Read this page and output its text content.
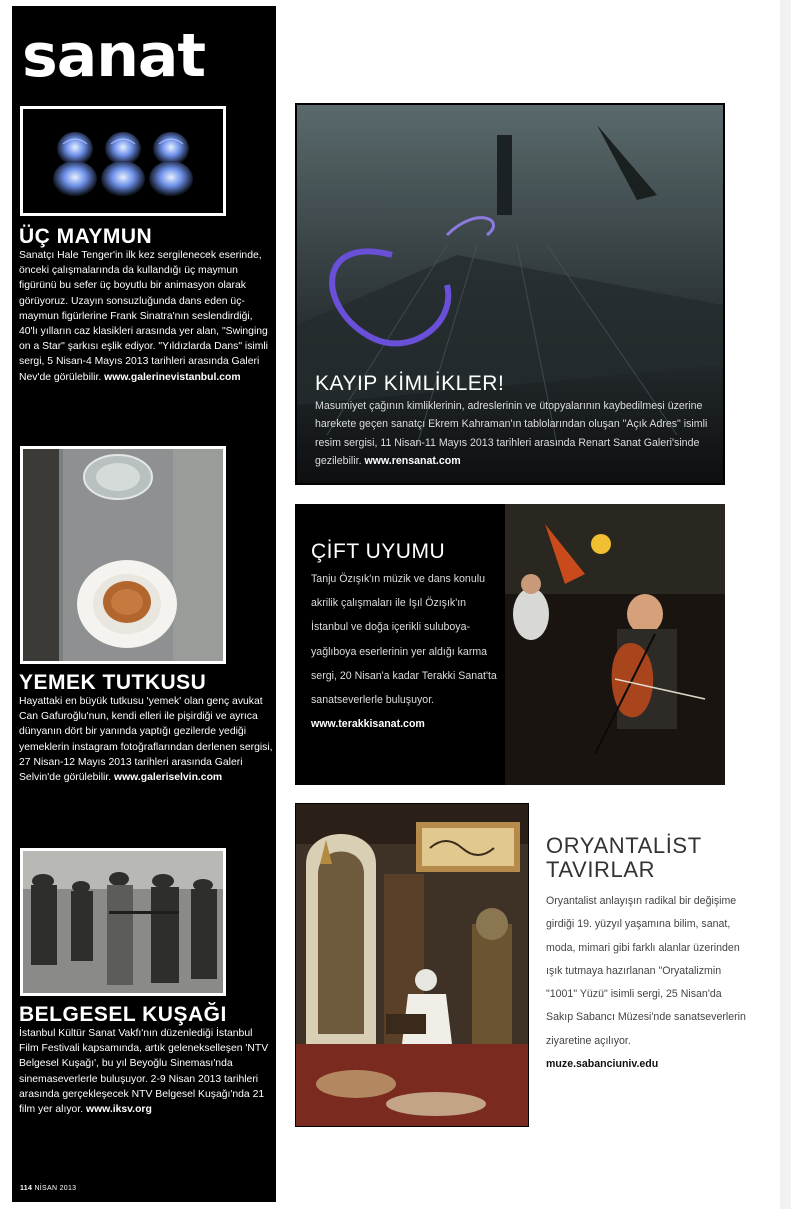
sanat
ÜÇ MAYMUN

Sanatçı Hale Tenger'in ilk kez sergilenecek eserinde, önceki çalışmalarında da kullandığı üç maymun figürünü bu sefer üç boyutlu bir animasyon olarak görüyoruz. Uzayın sonsuzluğunda dans eden üç-maymun figürlerine Frank Sinatra'nın seslendirdiği, 40'lı yılların caz klasikleri arasında yer alan, "Swinging on a Star" şarkısı eşlik ediyor. "Yıldızlarda Dans" isimli sergi, 5 Nisan-4 Mayıs 2013 tarihleri arasında Galeri Nev'de görülebilir. www.galerinevistanbul.com

YEMEK TUTKUSU

Hayattaki en büyük tutkusu 'yemek' olan genç avukat Can Gafuroğlu'nun, kendi elleri ile pişirdiği ve ayrıca dünyanın dört bir yanında yaptığı gezilerde yediği yemeklerin instagram fotoğraflarından derlenen sergisi, 27 Nisan-12 Mayıs 2013 tarihleri arasında Galeri Selvin'de görülebilir. www.galeriselvin.com

BELGESEL KUŞAĞI

İstanbul Kültür Sanat Vakfı'nın düzenlediği İstanbul Film Festivali kapsamında, artık gelenekselleşen 'NTV Belgesel Kuşağı', bu yıl Beyoğlu Sineması'nda sinemaseverlerle buluşuyor. 2-9 Nisan 2013 tarihleri arasında gerçekleşecek NTV Belgesel Kuşağı'nda 21 film yer alıyor. www.iksv.org

114 NİSAN 2013
KAYIP KİMLİKLER!

Masumiyet çağının kimliklerinin, adreslerinin ve ütopyalarının kaybedilmesi üzerine harekete geçen sanatçı Ekrem Kahraman'ın tablolarından oluşan "Açık Adres" isimli resim sergisi, 11 Nisan-11 Mayıs 2013 tarihleri arasında Renart Sanat Galeri'sinde gezilebilir. www.rensanat.com

ÇİFT UYUMU

Tanju Özışık'ın müzik ve dans konulu akrilik çalışmaları ile Işıl Özışık'ın İstanbul ve doğa içerikli suluboya-yağlıboya eserlerinin yer aldığı karma sergi, 20 Nisan'a kadar Terakki Sanat'ta sanatseverlerle buluşuyor. www.terakkisanat.com

ORYANTALİST TAVIRLAR

Oryantalist anlayışın radikal bir değişime girdiği 19. yüzyıl yaşamına bilim, sanat, moda, mimari gibi farklı alanlar üzerinden ışık tutmaya hazırlanan "Oryatalizmin "1001" Yüzü" isimli sergi, 25 Nisan'da Sakıp Sabancı Müzesi'nde sanatseverlerin ziyaretine açılıyor.
muze.sabanciuniv.edu
